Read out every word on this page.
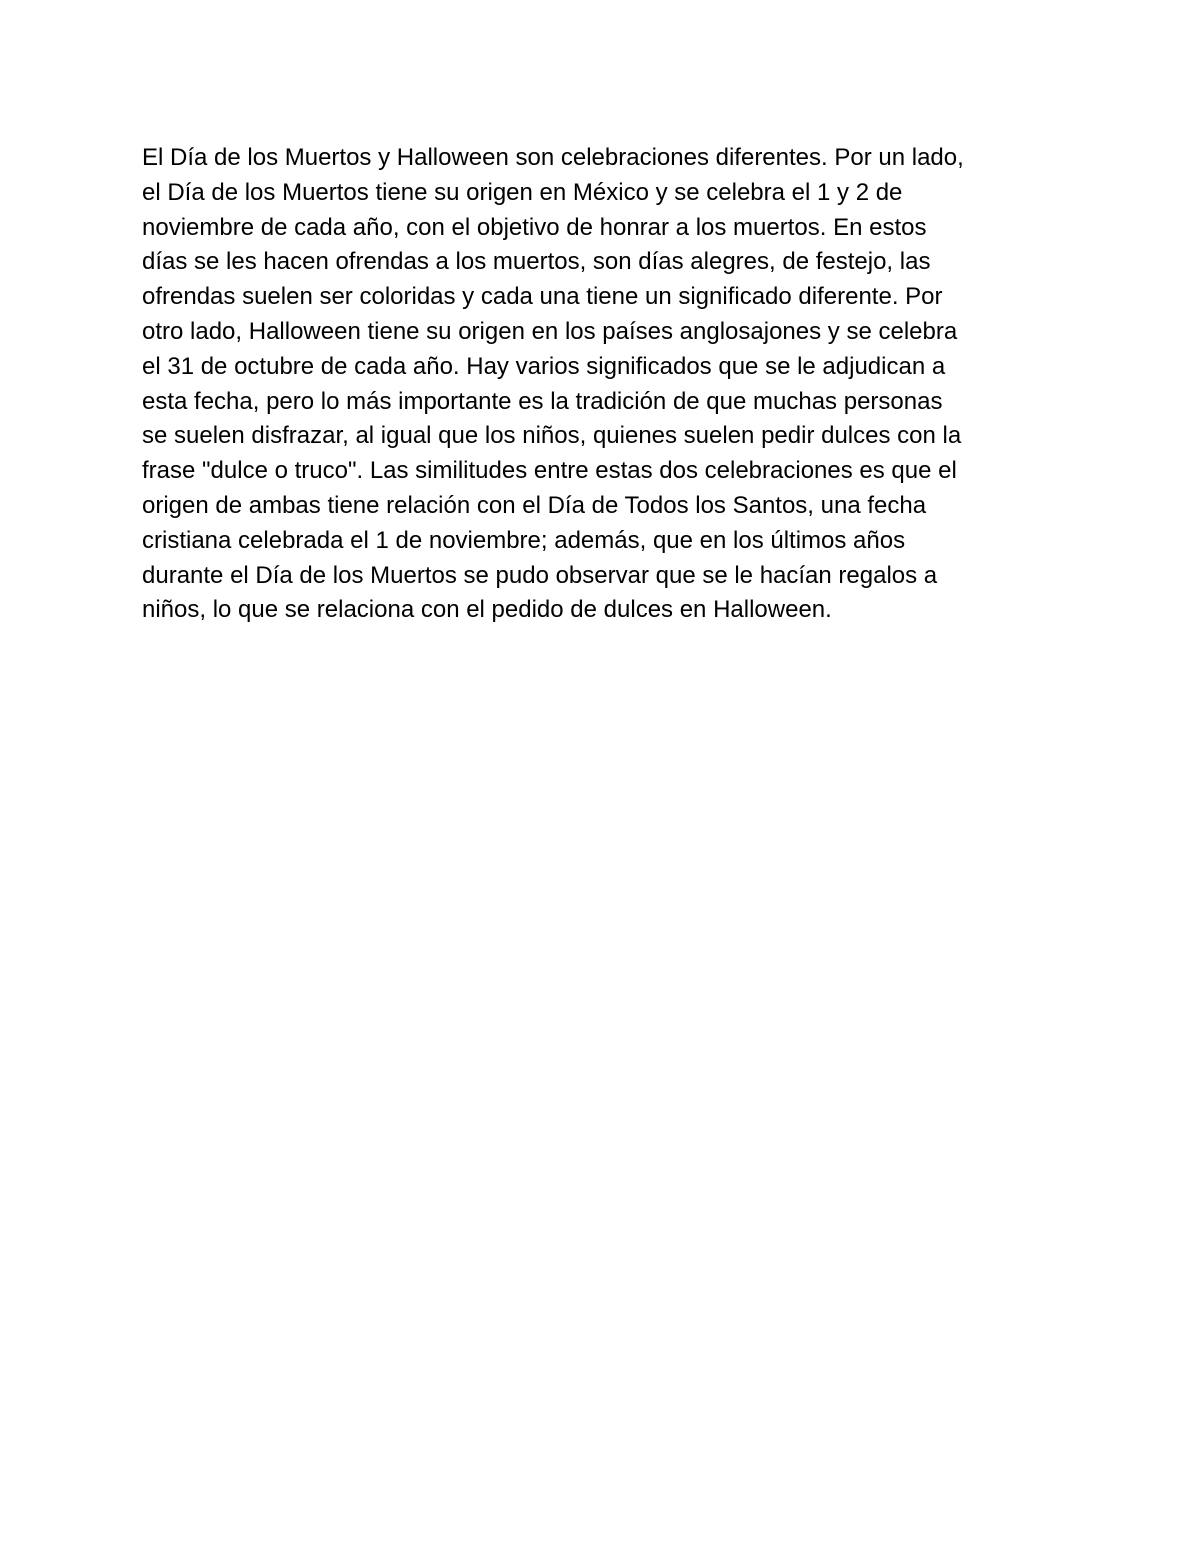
El Día de los Muertos y Halloween son celebraciones diferentes. Por un lado,
el Día de los Muertos tiene su origen en México y se celebra el 1 y 2 de
noviembre de cada año, con el objetivo de honrar a los muertos. En estos
días se les hacen ofrendas a los muertos, son días alegres, de festejo, las
ofrendas suelen ser coloridas y cada una tiene un significado diferente. Por
otro lado, Halloween tiene su origen en los países anglosajones y se celebra
el 31 de octubre de cada año. Hay varios significados que se le adjudican a
esta fecha, pero lo más importante es la tradición de que muchas personas
se suelen disfrazar, al igual que los niños, quienes suelen pedir dulces con la
frase "dulce o truco". Las similitudes entre estas dos celebraciones es que el
origen de ambas tiene relación con el Día de Todos los Santos, una fecha
cristiana celebrada el 1 de noviembre; además, que en los últimos años
durante el Día de los Muertos se pudo observar que se le hacían regalos a
niños, lo que se relaciona con el pedido de dulces en Halloween.
